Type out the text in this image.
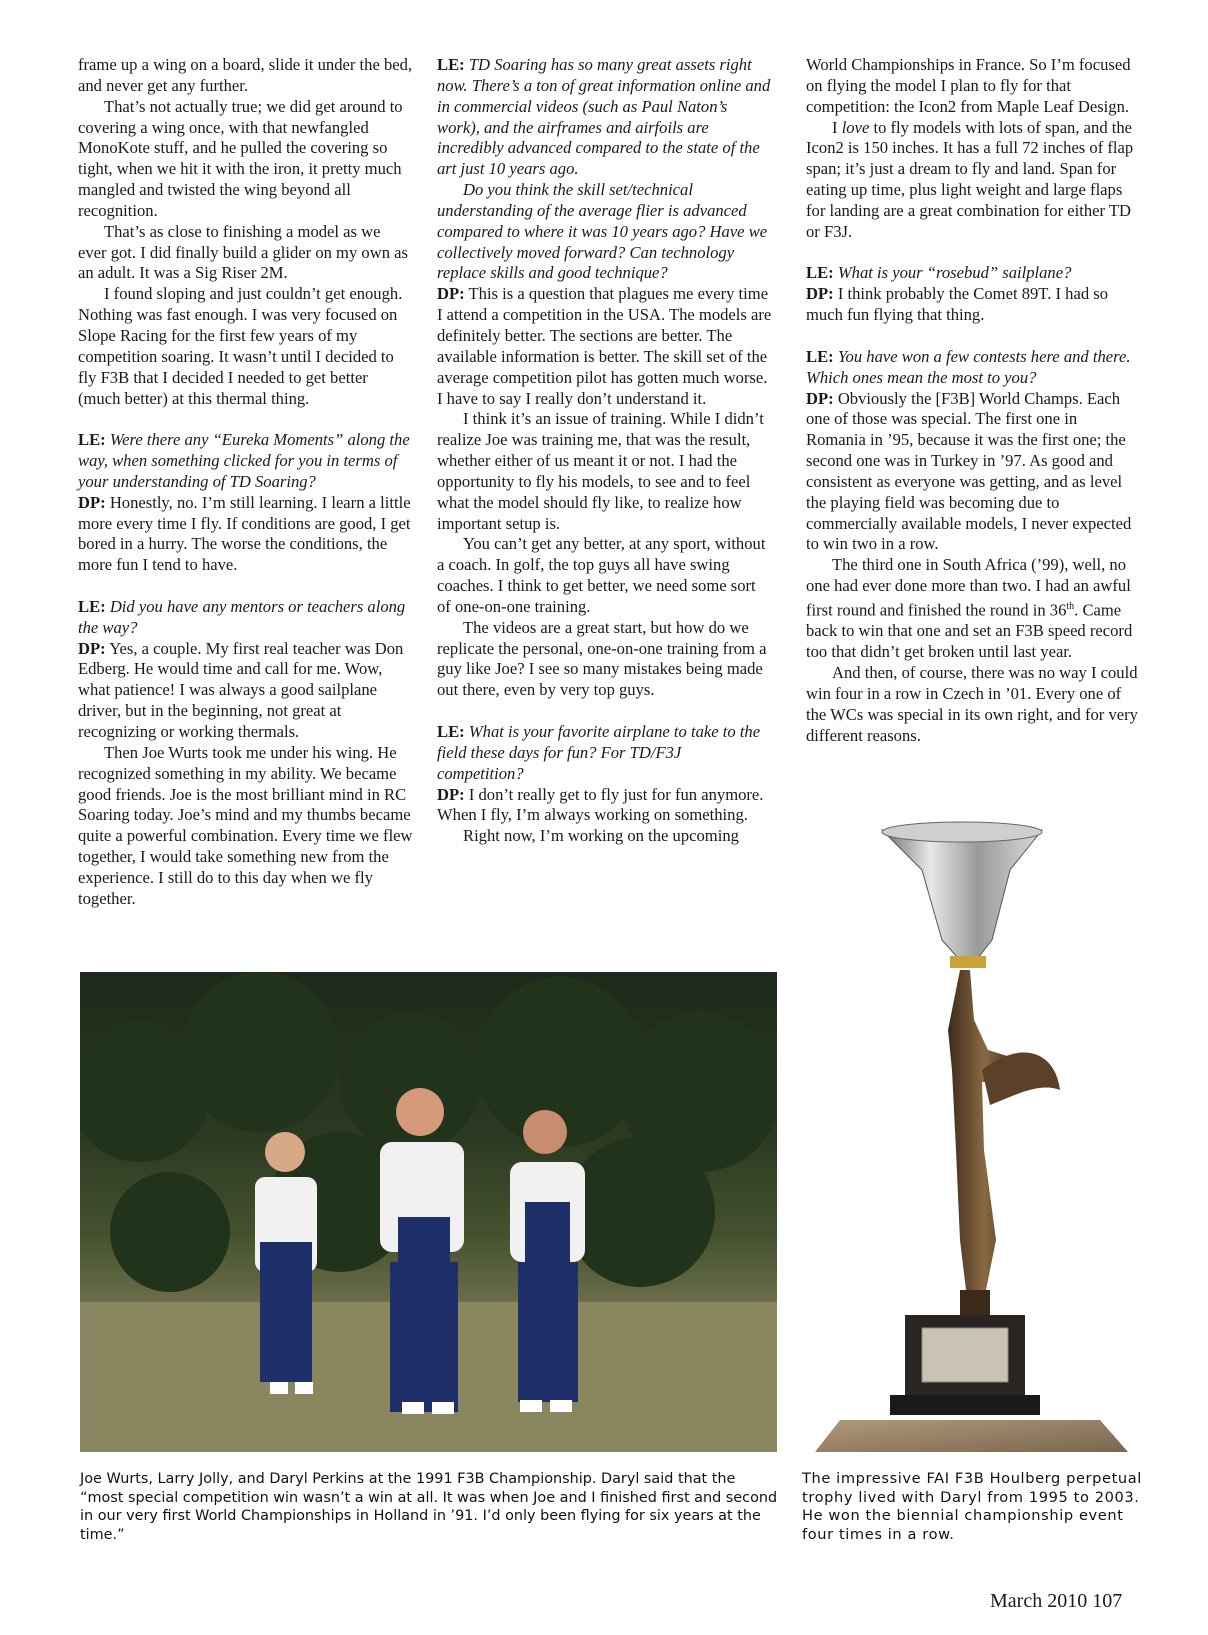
frame up a wing on a board, slide it under the bed, and never get any further.

That’s not actually true; we did get around to covering a wing once, with that newfangled MonoKote stuff, and he pulled the covering so tight, when we hit it with the iron, it pretty much mangled and twisted the wing beyond all recognition.

That’s as close to finishing a model as we ever got. I did finally build a glider on my own as an adult. It was a Sig Riser 2M.

I found sloping and just couldn’t get enough. Nothing was fast enough. I was very focused on Slope Racing for the first few years of my competition soaring. It wasn’t until I decided to fly F3B that I decided I needed to get better (much better) at this thermal thing.

LE: Were there any “Eureka Moments” along the way, when something clicked for you in terms of your understanding of TD Soaring?

DP: Honestly, no. I’m still learning. I learn a little more every time I fly. If conditions are good, I get bored in a hurry. The worse the conditions, the more fun I tend to have.

LE: Did you have any mentors or teachers along the way?

DP: Yes, a couple. My first real teacher was Don Edberg. He would time and call for me. Wow, what patience! I was always a good sailplane driver, but in the beginning, not great at recognizing or working thermals.

Then Joe Wurts took me under his wing. He recognized something in my ability. We became good friends. Joe is the most brilliant mind in RC Soaring today. Joe’s mind and my thumbs became quite a powerful combination. Every time we flew together, I would take something new from the experience. I still do to this day when we fly together.

LE: TD Soaring has so many great assets right now. There’s a ton of great information online and in commercial videos (such as Paul Naton’s work), and the airframes and airfoils are incredibly advanced compared to the state of the art just 10 years ago.

Do you think the skill set/technical understanding of the average flier is advanced compared to where it was 10 years ago? Have we collectively moved forward? Can technology replace skills and good technique?

DP: This is a question that plagues me every time I attend a competition in the USA. The models are definitely better. The sections are better. The available information is better. The skill set of the average competition pilot has gotten much worse. I have to say I really don’t understand it.

I think it’s an issue of training. While I didn’t realize Joe was training me, that was the result, whether either of us meant it or not. I had the opportunity to fly his models, to see and to feel what the model should fly like, to realize how important setup is.

You can’t get any better, at any sport, without a coach. In golf, the top guys all have swing coaches. I think to get better, we need some sort of one-on-one training.

The videos are a great start, but how do we replicate the personal, one-on-one training from a guy like Joe? I see so many mistakes being made out there, even by very top guys.

LE: What is your favorite airplane to take to the field these days for fun? For TD/F3J competition?

DP: I don’t really get to fly just for fun anymore. When I fly, I’m always working on something.

Right now, I’m working on the upcoming

World Championships in France. So I’m focused on flying the model I plan to fly for that competition: the Icon2 from Maple Leaf Design.

I love to fly models with lots of span, and the Icon2 is 150 inches. It has a full 72 inches of flap span; it’s just a dream to fly and land. Span for eating up time, plus light weight and large flaps for landing are a great combination for either TD or F3J.

LE: What is your “rosebud” sailplane?

DP: I think probably the Comet 89T. I had so much fun flying that thing.

LE: You have won a few contests here and there. Which ones mean the most to you?

DP: Obviously the [F3B] World Champs. Each one of those was special. The first one in Romania in ’95, because it was the first one; the second one was in Turkey in ’97. As good and consistent as everyone was getting, and as level the playing field was becoming due to commercially available models, I never expected to win two in a row.

The third one in South Africa (’99), well, no one had ever done more than two. I had an awful first round and finished the round in 36th. Came back to win that one and set an F3B speed record too that didn’t get broken until last year.

And then, of course, there was no way I could win four in a row in Czech in ’01. Every one of the WCs was special in its own right, and for very different reasons.

Joe Wurts, Larry Jolly, and Daryl Perkins at the 1991 F3B Championship. Daryl said that the “most special competition win wasn’t a win at all. It was when Joe and I finished first and second in our very first World Championships in Holland in ’91. I’d only been flying for six years at the time.”
The impressive FAI F3B Houlberg perpetual trophy lived with Daryl from 1995 to 2003. He won the biennial championship event four times in a row.
March 2010 107
